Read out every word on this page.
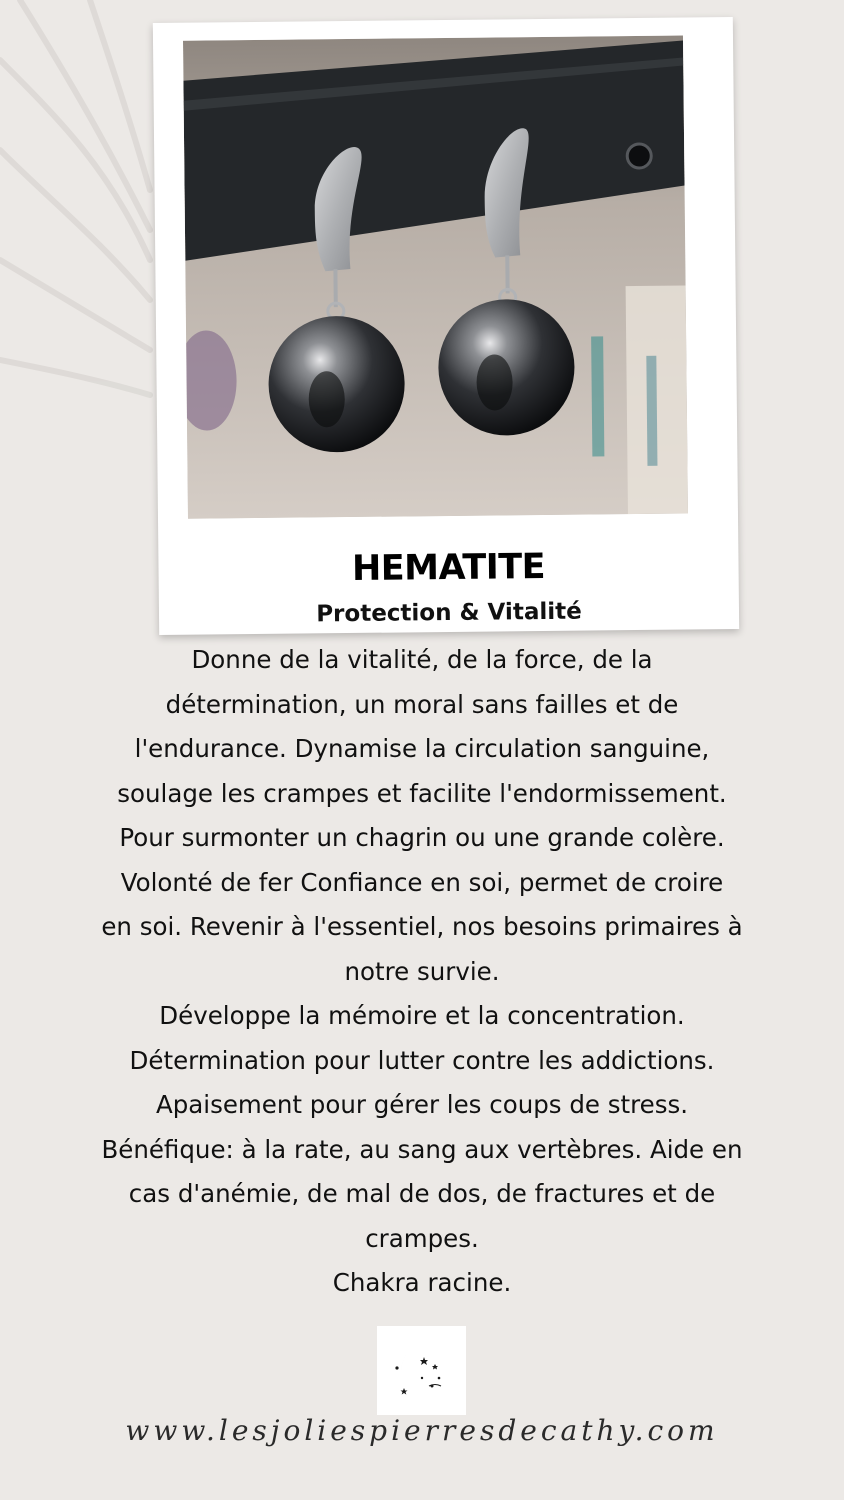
HEMATITE
Protection & Vitalité
Donne de la vitalité, de la force, de la
détermination, un moral sans failles et de
l'endurance. Dynamise la circulation sanguine,
soulage les crampes et facilite l'endormissement.
Pour surmonter un chagrin ou une grande colère.
Volonté de fer Confiance en soi, permet de croire
en soi. Revenir à l'essentiel, nos besoins primaires à
notre survie.
Développe la mémoire et la concentration.
Détermination pour lutter contre les addictions.
Apaisement pour gérer les coups de stress.
Bénéfique: à la rate, au sang aux vertèbres. Aide en
cas d'anémie, de mal de dos, de fractures et de
crampes.
Chakra racine.
www.lesjoliespierresdecathy.com
